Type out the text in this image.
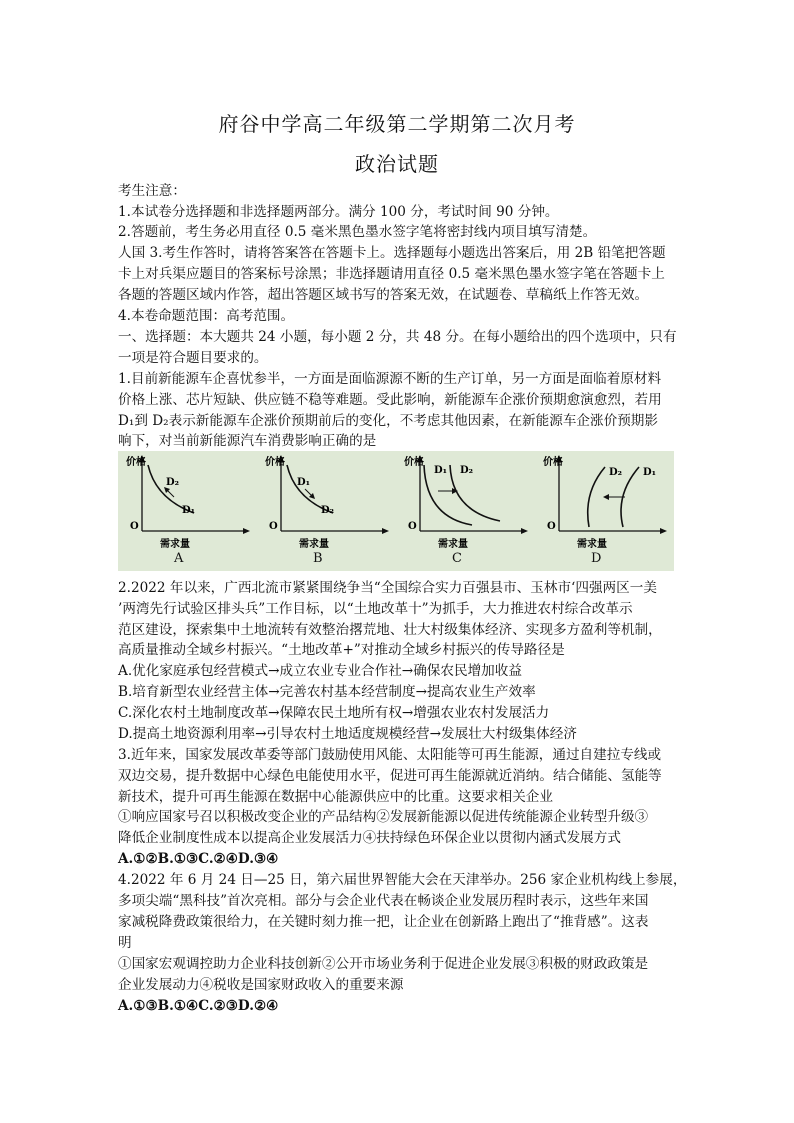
府谷中学高二年级第二学期第二次月考
政治试题
考生注意：
1.本试卷分选择题和非选择题两部分。满分 100 分，考试时间 90 分钟。
2.答题前，考生务必用直径 0.5 毫米黑色墨水签字笔将密封线内项目填写清楚。
人国 3.考生作答时，请将答案答在答题卡上。选择题每小题选出答案后，用 2B 铅笔把答题
卡上对兵渠应题目的答案标号涂黑；非选择题请用直径 0.5 毫米黑色墨水签字笔在答题卡上
各题的答题区域内作答，超出答题区域书写的答案无效，在试题卷、草稿纸上作答无效。
4.本卷命题范围：高考范围。
一、选择题：本大题共 24 小题，每小题 2 分，共 48 分。在每小题给出的四个选项中，只有
一项是符合题目要求的。
1.目前新能源车企喜忧参半，一方面是面临源源不断的生产订单，另一方面是面临着原材料
价格上涨、芯片短缺、供应链不稳等难题。受此影响，新能源车企涨价预期愈演愈烈，若用
D₁到 D₂表示新能源车企涨价预期前后的变化，不考虑其他因素，在新能源车企涨价预期影
响下，对当前新能源汽车消费影响正确的是
价格
O
需求量
D₂
D₁
A
价格
O
需求量
D₁
D₂
B
价格
O
需求量
D₁ D₂
C
价格
O
需求量
D₂ D₁
D
2.2022 年以来，广西北流市紧紧围绕争当“全国综合实力百强县市、玉林市‘四强两区一美
’两湾先行试验区排头兵”工作目标，以“土地改革十”为抓手，大力推进农村综合改革示
范区建设，探索集中土地流转有效整治撂荒地、壮大村级集体经济、实现多方盈利等机制，
高质量推动全域乡村振兴。“土地改革+”对推动全域乡村振兴的传导路径是
A.优化家庭承包经营模式→成立农业专业合作社→确保农民增加收益
B.培育新型农业经营主体→完善农村基本经营制度→提高农业生产效率
C.深化农村土地制度改革→保障农民土地所有权→增强农业农村发展活力
D.提高土地资源利用率→引导农村土地适度规模经营→发展壮大村级集体经济
3.近年来，国家发展改革委等部门鼓励使用风能、太阳能等可再生能源，通过自建拉专线或
双边交易，提升数据中心绿色电能使用水平，促进可再生能源就近消纳。结合储能、氢能等
新技术，提升可再生能源在数据中心能源供应中的比重。这要求相关企业
①响应国家号召以积极改变企业的产品结构②发展新能源以促进传统能源企业转型升级③
降低企业制度性成本以提高企业发展活力④扶持绿色环保企业以贯彻内涵式发展方式
A.①②B.①③C.②④D.③④
4.2022 年 6 月 24 日—25 日，第六届世界智能大会在天津举办。256 家企业机构线上参展，
多项尖端“黑科技”首次亮相。部分与会企业代表在畅谈企业发展历程时表示，这些年来国
家减税降费政策很给力，在关键时刻力推一把，让企业在创新路上跑出了“推背感”。这表
明
①国家宏观调控助力企业科技创新②公开市场业务利于促进企业发展③积极的财政政策是
企业发展动力④税收是国家财政收入的重要来源
A.①③B.①④C.②③D.②④
